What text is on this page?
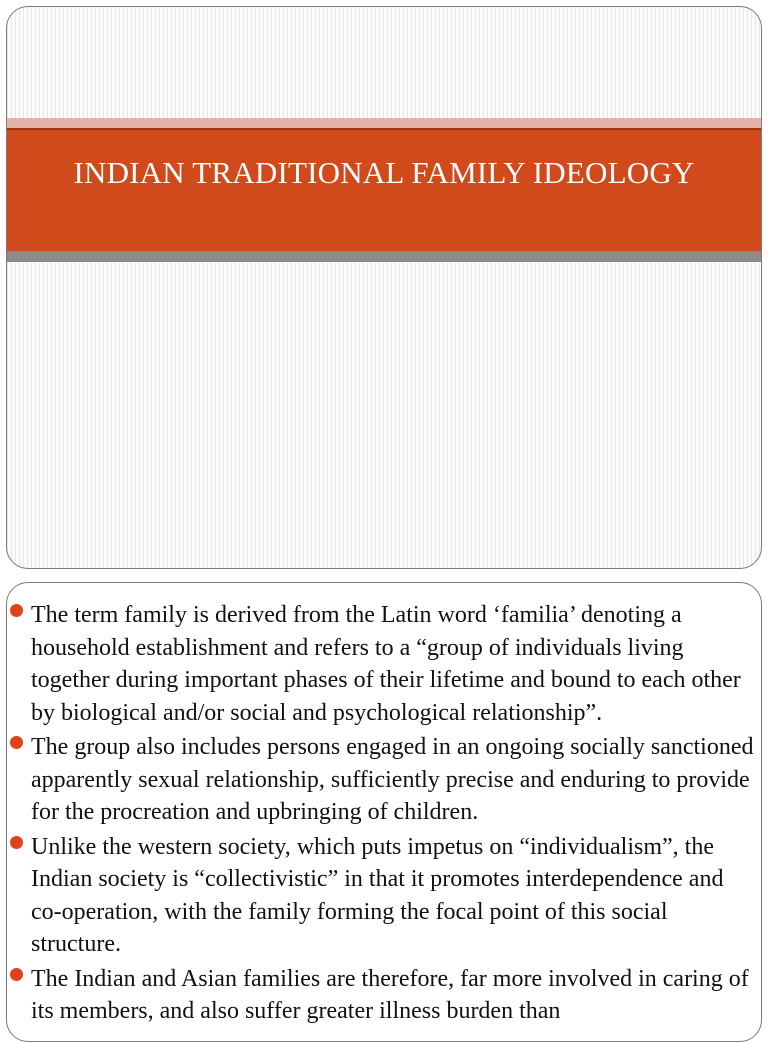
INDIAN TRADITIONAL FAMILY IDEOLOGY
The term family is derived from the Latin word ‘familia’ denoting a household establishment and refers to a “group of individuals living together during important phases of their lifetime and bound to each other by biological and/or social and psychological relationship”.
The group also includes persons engaged in an ongoing socially sanctioned apparently sexual relationship, sufficiently precise and enduring to provide for the procreation and upbringing of children.
Unlike the western society, which puts impetus on “individualism”, the Indian society is “collectivistic” in that it promotes interdependence and co-operation, with the family forming the focal point of this social structure.
The Indian and Asian families are therefore, far more involved in caring of its members, and also suffer greater illness burden than
